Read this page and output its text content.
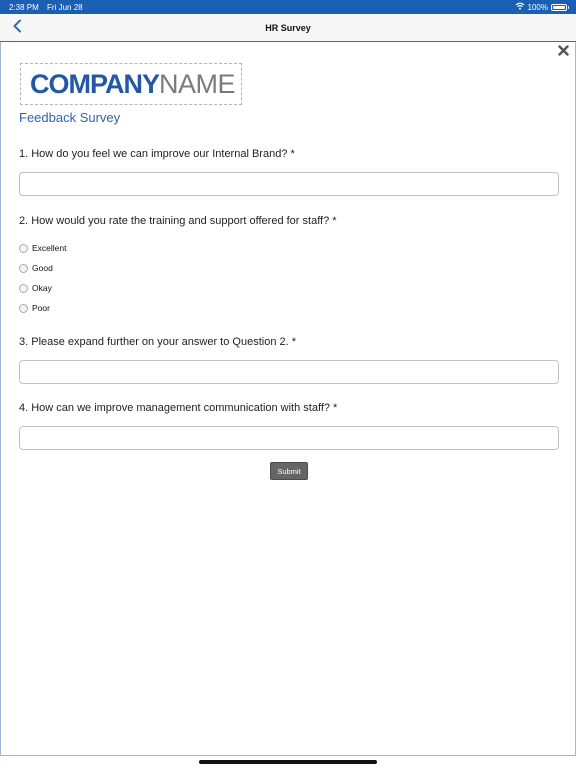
2:38 PM Fri Jun 28	100%
HR Survey
COMPANY NAME
Feedback Survey
1. How do you feel we can improve our Internal Brand? *
2. How would you rate the training and support offered for staff? *
Excellent
Good
Okay
Poor
3. Please expand further on your answer to Question 2. *
4. How can we improve management communication with staff? *
Submit
